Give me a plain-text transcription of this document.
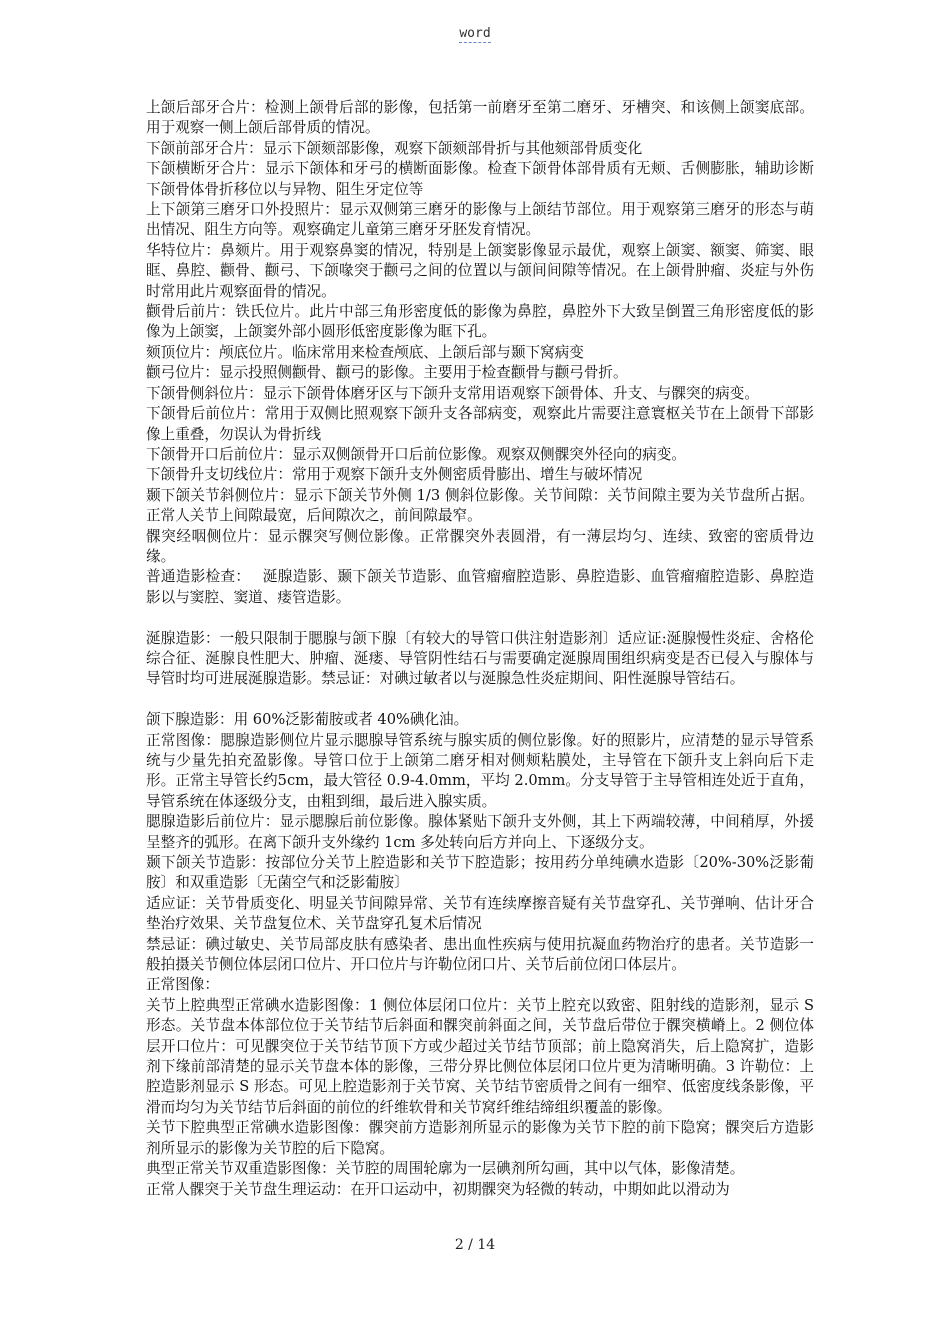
word

上颌后部牙合片：检测上颌骨后部的影像，包括第一前磨牙至第二磨牙、牙槽突、和该侧上颌窦底部。用于观察一侧上颌后部骨质的情况。

下颌前部牙合片：显示下颌颏部影像，观察下颌颏部骨折与其他颏部骨质变化

下颌横断牙合片：显示下颌体和牙弓的横断面影像。检查下颌骨体部骨质有无颊、舌侧膨胀，辅助诊断下颌骨体骨折移位以与异物、阻生牙定位等

上下颌第三磨牙口外投照片：显示双侧第三磨牙的影像与上颌结节部位。用于观察第三磨牙的形态与萌出情况、阻生方向等。观察确定儿童第三磨牙牙胚发育情况。

华特位片：鼻颏片。用于观察鼻窦的情况，特别是上颌窦影像显示最优，观察上颌窦、额窦、筛窦、眼眶、鼻腔、颧骨、颧弓、下颌喙突于颧弓之间的位置以与颌间间隙等情况。在上颌骨肿瘤、炎症与外伤时常用此片观察面骨的情况。

颧骨后前片：铁氏位片。此片中部三角形密度低的影像为鼻腔，鼻腔外下大致呈倒置三角形密度低的影像为上颌窦，上颌窦外部小圆形低密度影像为眶下孔。

颏顶位片：颅底位片。临床常用来检查颅底、上颌后部与颞下窝病变

颧弓位片：显示投照侧颧骨、颧弓的影像。主要用于检查颧骨与颧弓骨折。

下颌骨侧斜位片：显示下颌骨体磨牙区与下颌升支常用语观察下颌骨体、升支、与髁突的病变。

下颌骨后前位片：常用于双侧比照观察下颌升支各部病变，观察此片需要注意寰枢关节在上颌骨下部影像上重叠，勿误认为骨折线

下颌骨开口后前位片：显示双侧颌骨开口后前位影像。观察双侧髁突外径向的病变。

下颌骨升支切线位片：常用于观察下颌升支外侧密质骨膨出、增生与破坏情况

颞下颌关节斜侧位片：显示下颌关节外侧 1/3 侧斜位影像。关节间隙：关节间隙主要为关节盘所占据。正常人关节上间隙最宽，后间隙次之，前间隙最窄。

髁突经咽侧位片：显示髁突写侧位影像。正常髁突外表圆滑，有一薄层均匀、连续、致密的密质骨边缘。

普通造影检查：　 涎腺造影、颞下颌关节造影、血管瘤瘤腔造影、鼻腔造影、血管瘤瘤腔造影、鼻腔造影以与窦腔、窦道、瘘管造影。

涎腺造影：一般只限制于腮腺与颌下腺〔有较大的导管口供注射造影剂〕适应证:涎腺慢性炎症、舍格伦综合征、涎腺良性肥大、肿瘤、涎瘘、导管阴性结石与需要确定涎腺周围组织病变是否已侵入与腺体与导管时均可进展涎腺造影。禁忌证：对碘过敏者以与涎腺急性炎症期间、阳性涎腺导管结石。

颌下腺造影：用 60%泛影葡胺或者 40%碘化油。

正常图像：腮腺造影侧位片显示腮腺导管系统与腺实质的侧位影像。好的照影片，应清楚的显示导管系统与少量先拍充盈影像。导管口位于上颌第二磨牙相对侧颊粘膜处，主导管在下颌升支上斜向后下走形。正常主导管长约5cm，最大管径 0.9-4.0mm，平均 2.0mm。分支导管于主导管相连处近于直角，导管系统在体逐级分支，由粗到细，最后进入腺实质。

腮腺造影后前位片：显示腮腺后前位影像。腺体紧贴下颌升支外侧，其上下两端较薄，中间稍厚，外援呈整齐的弧形。在离下颌升支外缘约 1cm 多处转向后方并向上、下逐级分支。

颞下颌关节造影：按部位分关节上腔造影和关节下腔造影；按用药分单纯碘水造影〔20%-30%泛影葡胺〕和双重造影〔无菌空气和泛影葡胺〕

适应证：关节骨质变化、明显关节间隙异常、关节有连续摩擦音疑有关节盘穿孔、关节弹响、估计牙合垫治疗效果、关节盘复位术、关节盘穿孔复术后情况

禁忌证：碘过敏史、关节局部皮肤有感染者、患出血性疾病与使用抗凝血药物治疗的患者。关节造影一般拍摄关节侧位体层闭口位片、开口位片与许勒位闭口片、关节后前位闭口体层片。

正常图像：

关节上腔典型正常碘水造影图像：1 侧位体层闭口位片：关节上腔充以致密、阻射线的造影剂，显示 S 形态。关节盘本体部位位于关节结节后斜面和髁突前斜面之间，关节盘后带位于髁突横嵴上。2 侧位体层开口位片：可见髁突位于关节结节顶下方或少超过关节结节顶部；前上隐窝消失，后上隐窝扩，造影剂下缘前部清楚的显示关节盘本体的影像，三带分界比侧位体层闭口位片更为清晰明确。3 许勒位：上腔造影剂显示 S 形态。可见上腔造影剂于关节窝、关节结节密质骨之间有一细窄、低密度线条影像，平滑而均匀为关节结节后斜面的前位的纤维软骨和关节窝纤维结缔组织覆盖的影像。

关节下腔典型正常碘水造影图像：髁突前方造影剂所显示的影像为关节下腔的前下隐窝；髁突后方造影剂所显示的影像为关节腔的后下隐窝。

典型正常关节双重造影图像：关节腔的周围轮廓为一层碘剂所勾画，其中以气体，影像清楚。

正常人髁突于关节盘生理运动：在开口运动中，初期髁突为轻微的转动，中期如此以滑动为

2 / 14
